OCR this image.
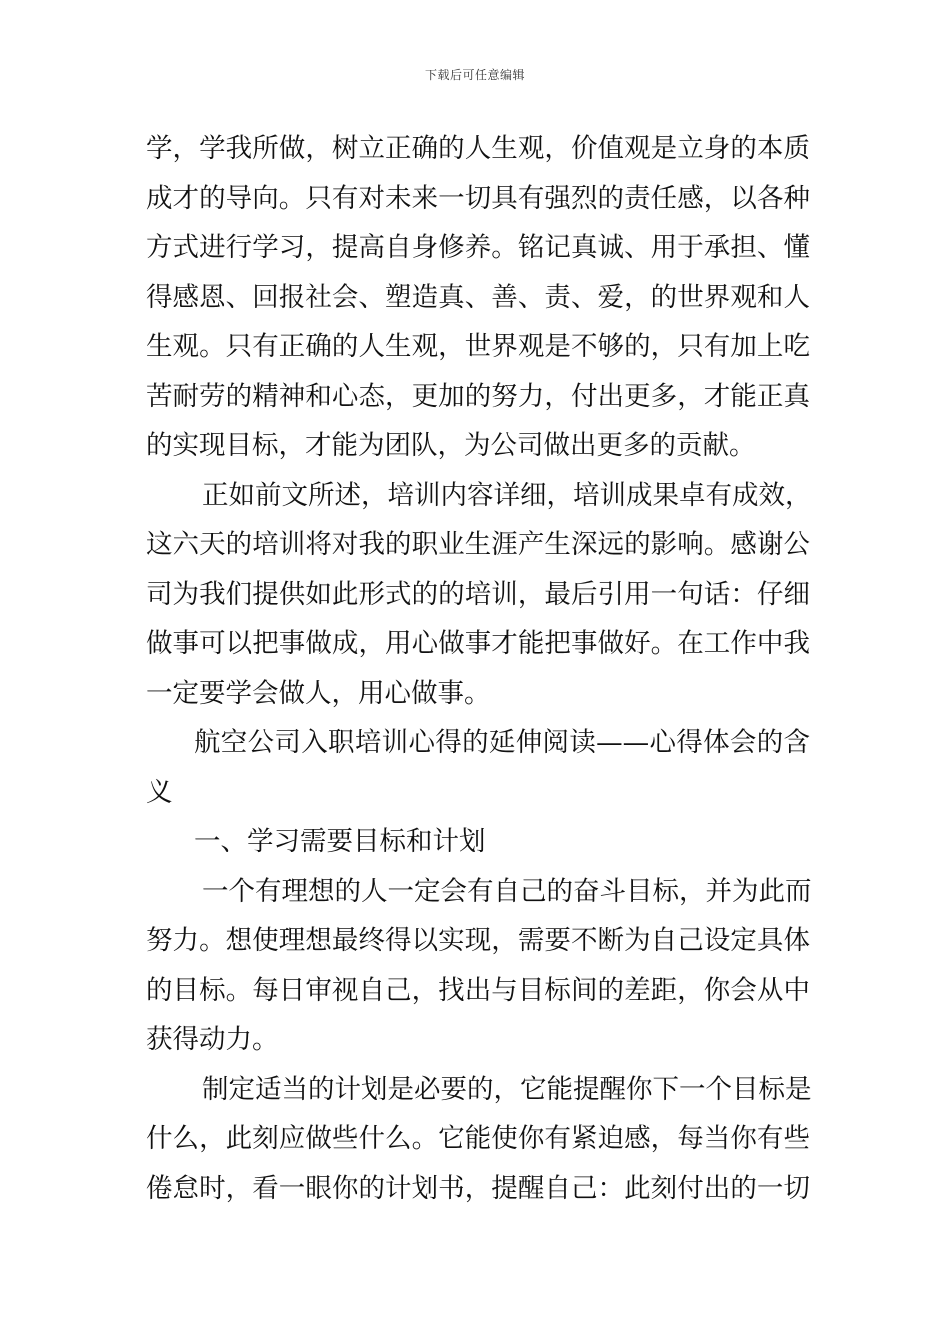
下载后可任意编辑
学，学我所做，树立正确的人生观，价值观是立身的本质
成才的导向。只有对未来一切具有强烈的责任感，以各种
方式进行学习，提高自身修养。铭记真诚、用于承担、懂
得感恩、回报社会、塑造真、善、责、爱，的世界观和人
生观。只有正确的人生观，世界观是不够的，只有加上吃
苦耐劳的精神和心态，更加的努力，付出更多，才能正真
的实现目标，才能为团队，为公司做出更多的贡献。
正如前文所述，培训内容详细，培训成果卓有成效，
这六天的培训将对我的职业生涯产生深远的影响。感谢公
司为我们提供如此形式的的培训，最后引用一句话：仔细
做事可以把事做成，用心做事才能把事做好。在工作中我
一定要学会做人，用心做事。
航空公司入职培训心得的延伸阅读——心得体会的含
义
一、学习需要目标和计划
一个有理想的人一定会有自己的奋斗目标，并为此而
努力。想使理想最终得以实现，需要不断为自己设定具体
的目标。每日审视自己，找出与目标间的差距，你会从中
获得动力。
制定适当的计划是必要的，它能提醒你下一个目标是
什么，此刻应做些什么。它能使你有紧迫感，每当你有些
倦怠时，看一眼你的计划书，提醒自己：此刻付出的一切
